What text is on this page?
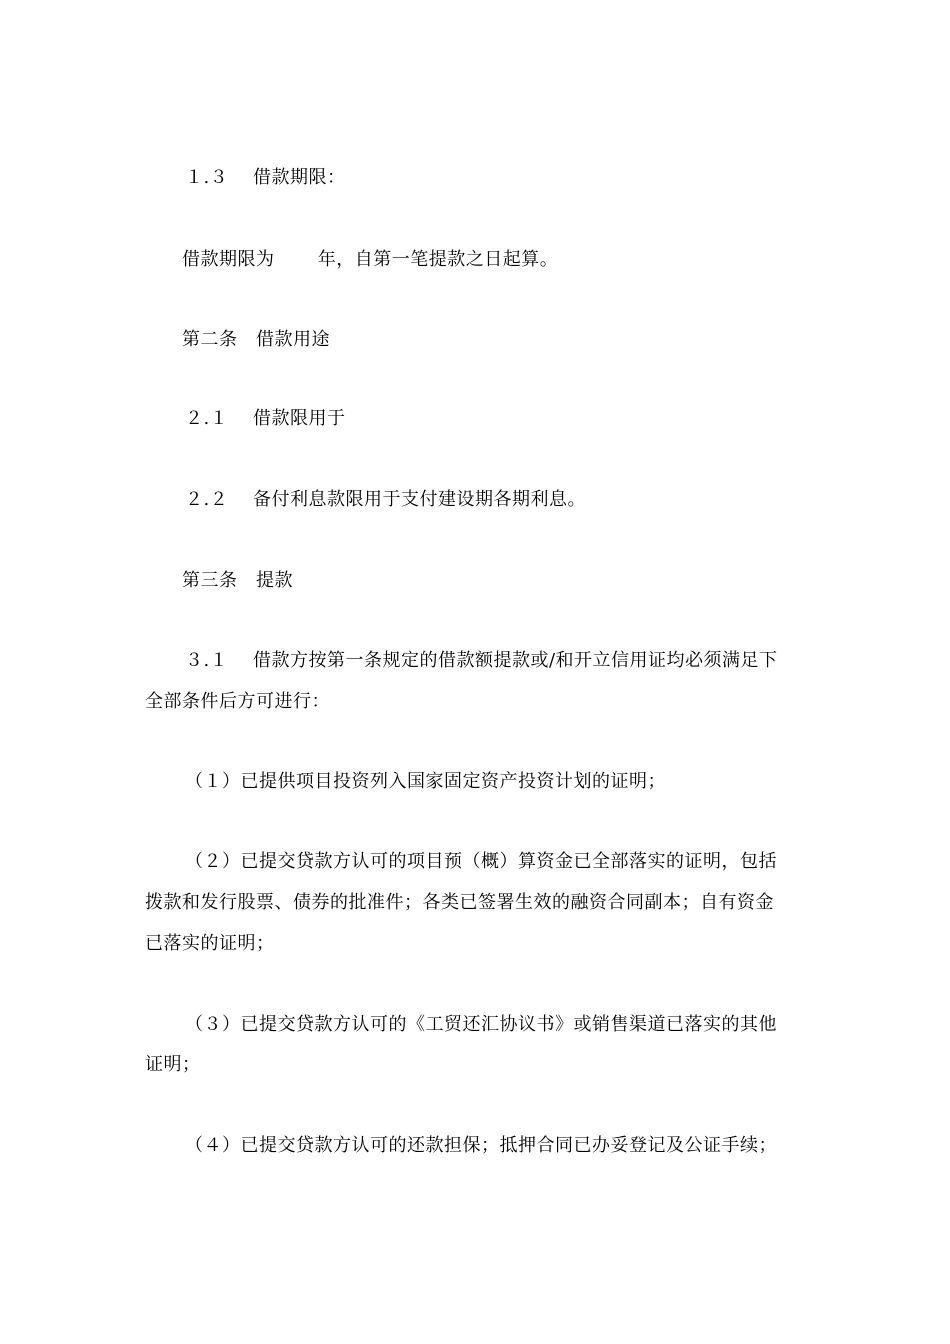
１.３　 借款期限：
借款期限为　　 年，自第一笔提款之日起算。
第二条　借款用途
２.１　 借款限用于
２.２　 备付利息款限用于支付建设期各期利息。
第三条　提款
３.１　 借款方按第一条规定的借款额提款或/和开立信用证均必须满足下
全部条件后方可进行：
（１）已提供项目投资列入国家固定资产投资计划的证明；
（２）已提交贷款方认可的项目预（概）算资金已全部落实的证明，包括
拨款和发行股票、债券的批准件；各类已签署生效的融资合同副本；自有资金
已落实的证明；
（３）已提交贷款方认可的《工贸还汇协议书》或销售渠道已落实的其他
证明；
（４）已提交贷款方认可的还款担保；抵押合同已办妥登记及公证手续；
